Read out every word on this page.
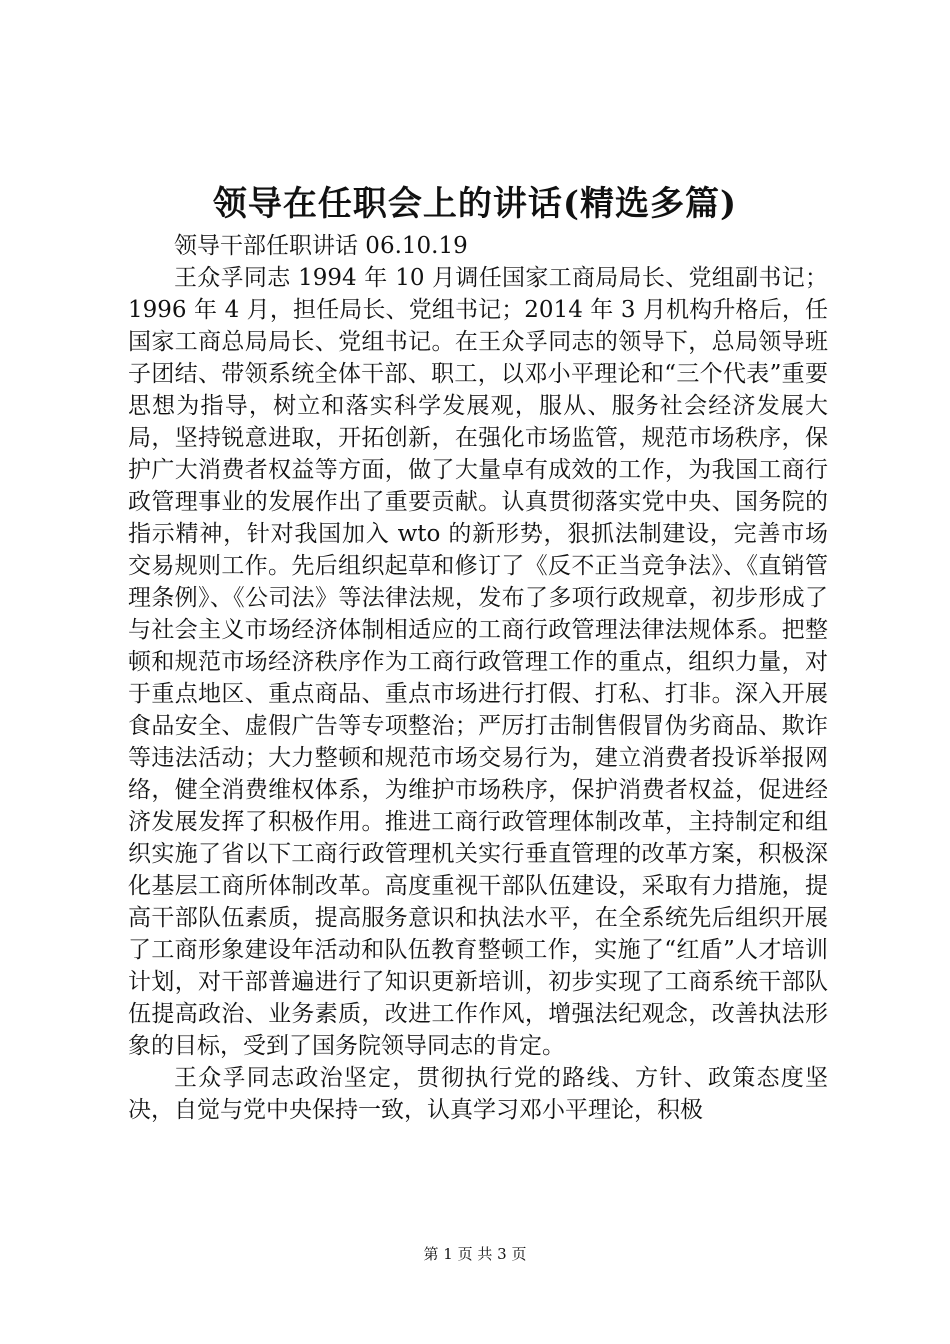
领导在任职会上的讲话(精选多篇)

领导干部任职讲话 06.10.19

王众孚同志 1994 年 10 月调任国家工商局局长、党组副书记；1996 年 4 月，担任局长、党组书记；2014 年 3 月机构升格后，任国家工商总局局长、党组书记。在王众孚同志的领导下，总局领导班子团结、带领系统全体干部、职工，以邓小平理论和“三个代表”重要思想为指导，树立和落实科学发展观，服从、服务社会经济发展大局，坚持锐意进取，开拓创新，在强化市场监管，规范市场秩序，保护广大消费者权益等方面，做了大量卓有成效的工作，为我国工商行政管理事业的发展作出了重要贡献。认真贯彻落实党中央、国务院的指示精神，针对我国加入 wto 的新形势，狠抓法制建设，完善市场交易规则工作。先后组织起草和修订了《反不正当竞争法》、《直销管理条例》、《公司法》等法律法规，发布了多项行政规章，初步形成了与社会主义市场经济体制相适应的工商行政管理法律法规体系。把整顿和规范市场经济秩序作为工商行政管理工作的重点，组织力量，对于重点地区、重点商品、重点市场进行打假、打私、打非。深入开展食品安全、虚假广告等专项整治；严厉打击制售假冒伪劣商品、欺诈等违法活动；大力整顿和规范市场交易行为，建立消费者投诉举报网络，健全消费维权体系，为维护市场秩序，保护消费者权益，促进经济发展发挥了积极作用。推进工商行政管理体制改革，主持制定和组织实施了省以下工商行政管理机关实行垂直管理的改革方案，积极深化基层工商所体制改革。高度重视干部队伍建设，采取有力措施，提高干部队伍素质，提高服务意识和执法水平，在全系统先后组织开展了工商形象建设年活动和队伍教育整顿工作，实施了“红盾”人才培训计划，对干部普遍进行了知识更新培训，初步实现了工商系统干部队伍提高政治、业务素质，改进工作作风，增强法纪观念，改善执法形象的目标，受到了国务院领导同志的肯定。

王众孚同志政治坚定，贯彻执行党的路线、方针、政策态度坚决，自觉与党中央保持一致，认真学习邓小平理论，积极

第 1 页 共 3 页
